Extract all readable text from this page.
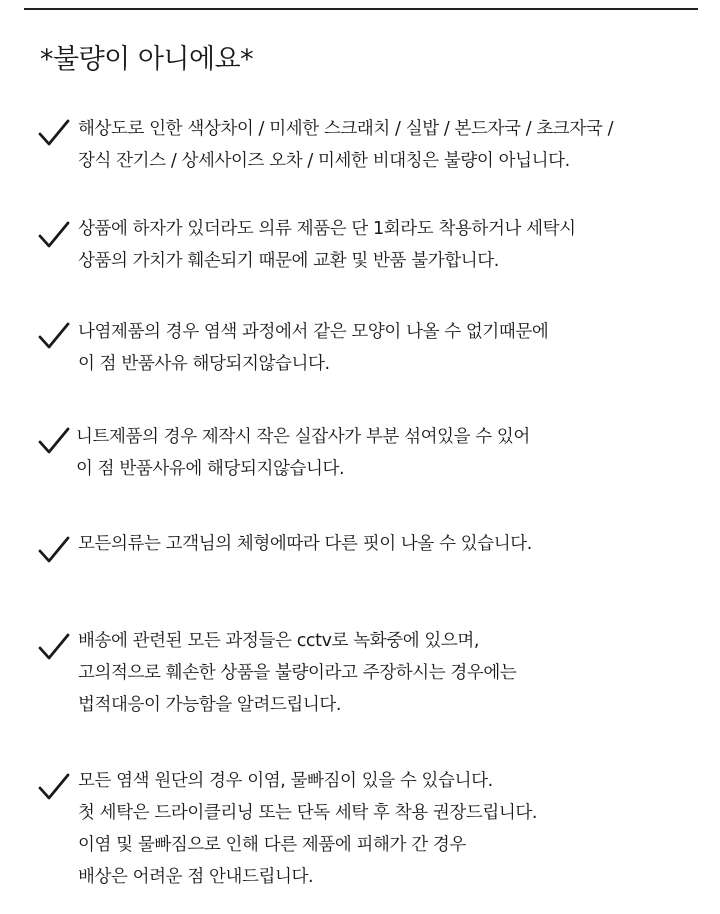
*불량이 아니에요*
해상도로 인한 색상차이 / 미세한 스크래치 / 실밥 / 본드자국 / 초크자국 /
장식 잔기스 / 상세사이즈 오차 / 미세한 비대칭은 불량이 아닙니다.
상품에 하자가 있더라도 의류 제품은 단 1회라도 착용하거나 세탁시
상품의 가치가 훼손되기 때문에 교환 및 반품 불가합니다.
나염제품의 경우 염색 과정에서 같은 모양이 나올 수 없기때문에
이 점 반품사유 해당되지않습니다.
니트제품의 경우 제작시 작은 실잡사가 부분 섞여있을 수 있어
이 점 반품사유에 해당되지않습니다.
모든의류는 고객님의 체형에따라 다른 핏이 나올 수 있습니다.
배송에 관련된 모든 과정들은 cctv로 녹화중에 있으며,
고의적으로 훼손한 상품을 불량이라고 주장하시는 경우에는
법적대응이 가능함을 알려드립니다.
모든 염색 원단의 경우 이염, 물빠짐이 있을 수 있습니다.
첫 세탁은 드라이클리닝 또는 단독 세탁 후 착용 권장드립니다.
이염 및 물빠짐으로 인해 다른 제품에 피해가 간 경우
배상은 어려운 점 안내드립니다.
